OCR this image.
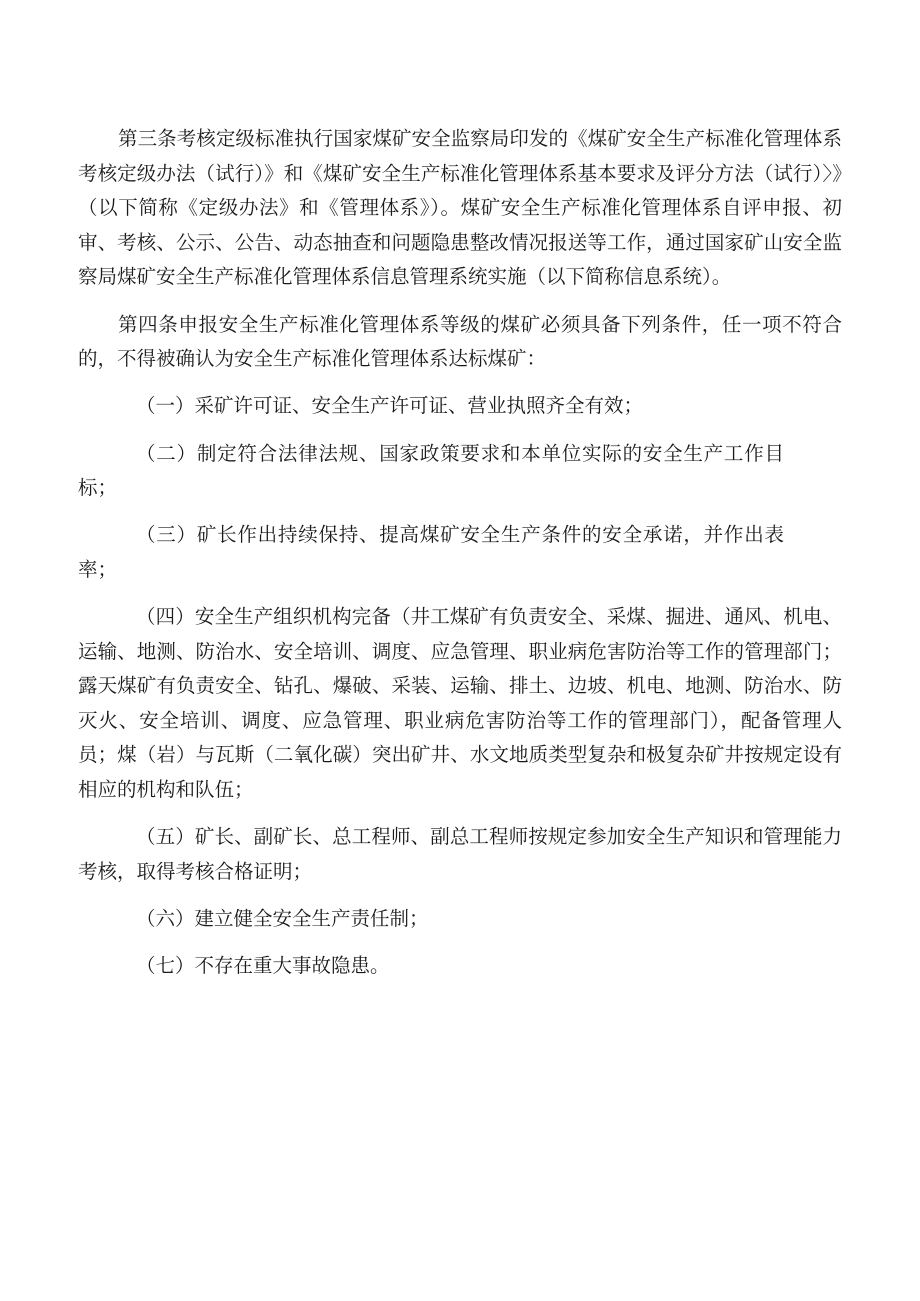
第三条考核定级标准执行国家煤矿安全监察局印发的《煤矿安全生产标准化管理体系考核定级办法（试行）》和《煤矿安全生产标准化管理体系基本要求及评分方法（试行）〉》（以下简称《定级办法》和《管理体系》）。煤矿安全生产标准化管理体系自评申报、初审、考核、公示、公告、动态抽查和问题隐患整改情况报送等工作，通过国家矿山安全监察局煤矿安全生产标准化管理体系信息管理系统实施（以下简称信息系统）。

第四条申报安全生产标准化管理体系等级的煤矿必须具备下列条件，任一项不符合的，不得被确认为安全生产标准化管理体系达标煤矿：

（一）采矿许可证、安全生产许可证、营业执照齐全有效；

（二）制定符合法律法规、国家政策要求和本单位实际的安全生产工作目标；

（三）矿长作出持续保持、提高煤矿安全生产条件的安全承诺，并作出表率；

（四）安全生产组织机构完备（井工煤矿有负责安全、采煤、掘进、通风、机电、运输、地测、防治水、安全培训、调度、应急管理、职业病危害防治等工作的管理部门；露天煤矿有负责安全、钻孔、爆破、采装、运输、排土、边坡、机电、地测、防治水、防灭火、安全培训、调度、应急管理、职业病危害防治等工作的管理部门），配备管理人员；煤（岩）与瓦斯（二氧化碳）突出矿井、水文地质类型复杂和极复杂矿井按规定设有相应的机构和队伍；

（五）矿长、副矿长、总工程师、副总工程师按规定参加安全生产知识和管理能力考核，取得考核合格证明；

（六）建立健全安全生产责任制；

（七）不存在重大事故隐患。
